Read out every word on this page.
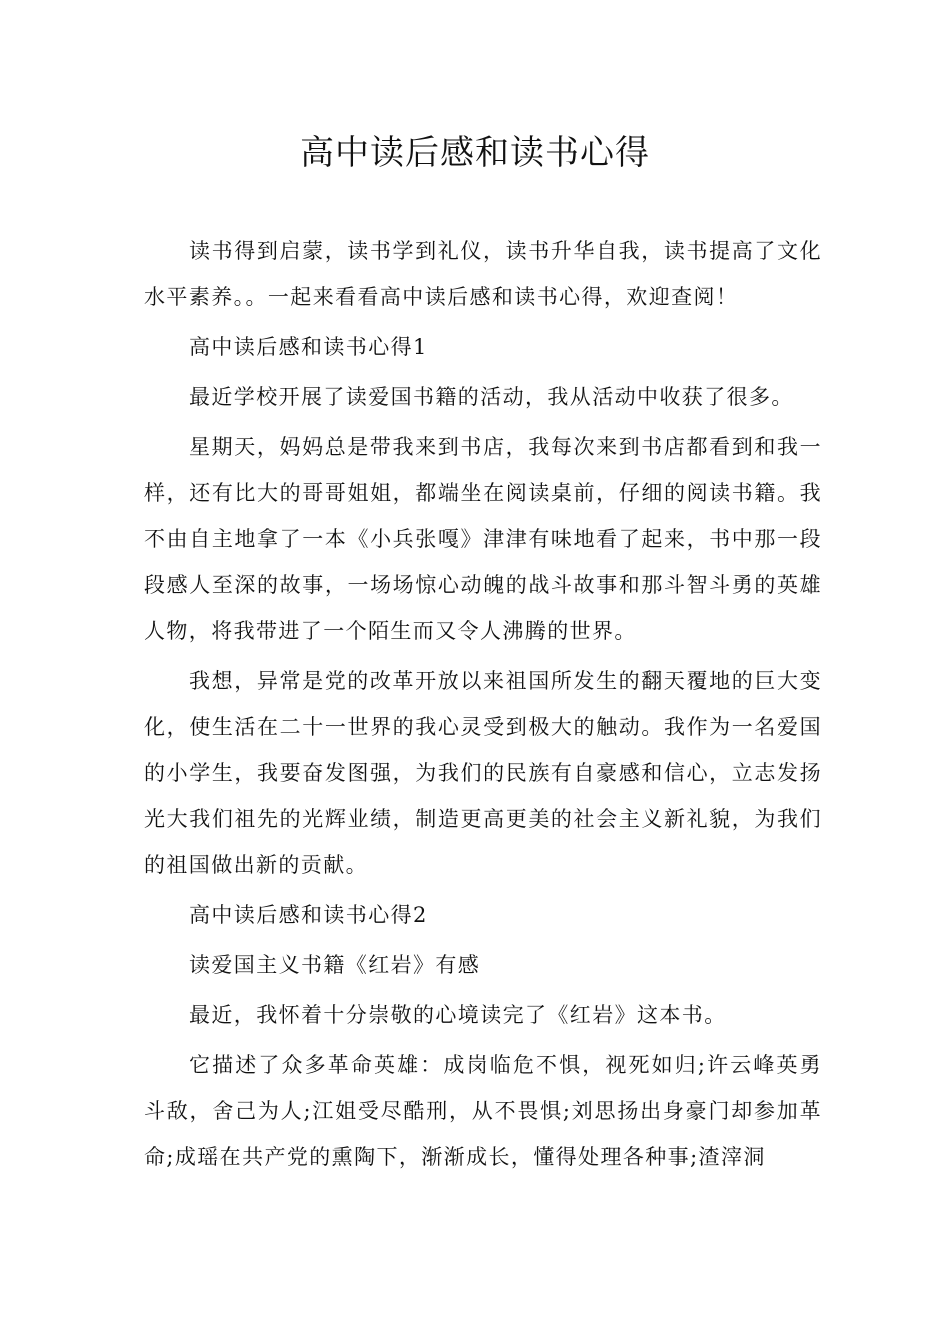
高中读后感和读书心得

读书得到启蒙，读书学到礼仪，读书升华自我，读书提高了文化水平素养。。一起来看看高中读后感和读书心得，欢迎查阅！

高中读后感和读书心得1

最近学校开展了读爱国书籍的活动，我从活动中收获了很多。

星期天，妈妈总是带我来到书店，我每次来到书店都看到和我一样，还有比大的哥哥姐姐，都端坐在阅读桌前，仔细的阅读书籍。我不由自主地拿了一本《小兵张嘎》津津有味地看了起来，书中那一段段感人至深的故事，一场场惊心动魄的战斗故事和那斗智斗勇的英雄人物，将我带进了一个陌生而又令人沸腾的世界。

我想，异常是党的改革开放以来祖国所发生的翻天覆地的巨大变化，使生活在二十一世界的我心灵受到极大的触动。我作为一名爱国的小学生，我要奋发图强，为我们的民族有自豪感和信心，立志发扬光大我们祖先的光辉业绩，制造更高更美的社会主义新礼貌，为我们的祖国做出新的贡献。

高中读后感和读书心得2

读爱国主义书籍《红岩》有感

最近，我怀着十分崇敬的心境读完了《红岩》这本书。

它描述了众多革命英雄：成岗临危不惧，视死如归;许云峰英勇斗敌，舍己为人;江姐受尽酷刑，从不畏惧;刘思扬出身豪门却参加革命;成瑶在共产党的熏陶下，渐渐成长，懂得处理各种事;渣滓洞
